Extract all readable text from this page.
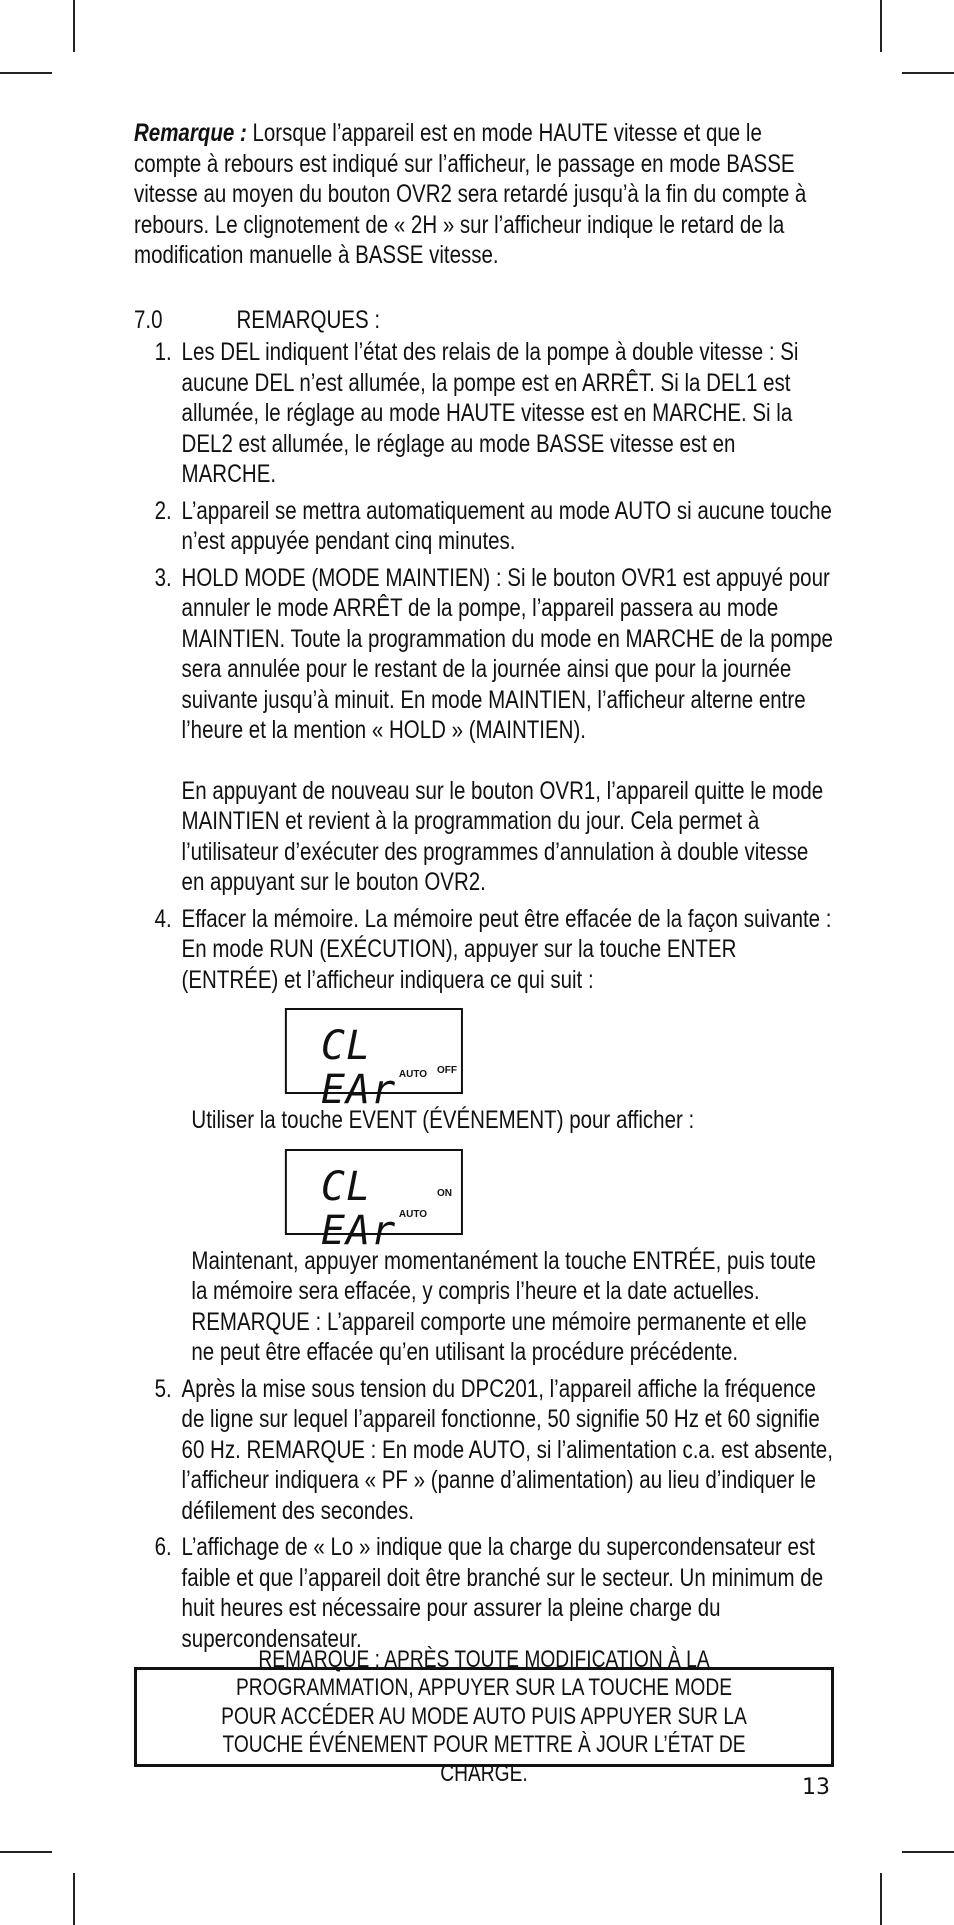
Remarque : Lorsque l’appareil est en mode HAUTE vitesse et que le compte à rebours est indiqué sur l’afficheur, le passage en mode BASSE vitesse au moyen du bouton OVR2 sera retardé jusqu’à la fin du compte à rebours. Le clignotement de « 2H » sur l’afficheur indique le retard de la modification manuelle à BASSE vitesse.

7.0	REMARQUES :
1. Les DEL indiquent l’état des relais de la pompe à double vitesse : Si aucune DEL n’est allumée, la pompe est en ARRÊT. Si la DEL1 est allumée, le réglage au mode HAUTE vitesse est en MARCHE. Si la DEL2 est allumée, le réglage au mode BASSE vitesse est en MARCHE.
2. L’appareil se mettra automatiquement au mode AUTO si aucune touche n’est appuyée pendant cinq minutes.
3. HOLD MODE (MODE MAINTIEN) : Si le bouton OVR1 est appuyé pour annuler le mode ARRÊT de la pompe, l’appareil passera au mode MAINTIEN. Toute la programmation du mode en MARCHE de la pompe sera annulée pour le restant de la journée ainsi que pour la journée suivante jusqu’à minuit. En mode MAINTIEN, l’afficheur alterne entre l’heure et la mention « HOLD » (MAINTIEN).
En appuyant de nouveau sur le bouton OVR1, l’appareil quitte le mode MAINTIEN et revient à la programmation du jour. Cela permet à l’utilisateur d’exécuter des programmes d’annulation à double vitesse en appuyant sur le bouton OVR2.
4. Effacer la mémoire. La mémoire peut être effacée de la façon suivante : En mode RUN (EXÉCUTION), appuyer sur la touche ENTER (ENTRÉE) et l’afficheur indiquera ce qui suit :
CL EAr	OFF
AUTO
Utiliser la touche EVENT (ÉVÉNEMENT) pour afficher :
CL EAr
ON
AUTO
Maintenant, appuyer momentanément la touche ENTRÉE, puis toute la mémoire sera effacée, y compris l’heure et la date actuelles. REMARQUE : L’appareil comporte une mémoire permanente et elle ne peut être effacée qu’en utilisant la procédure précédente.
5. Après la mise sous tension du DPC201, l’appareil affiche la fréquence de ligne sur lequel l’appareil fonctionne, 50 signifie 50 Hz et 60 signifie 60 Hz. REMARQUE : En mode AUTO, si l’alimentation c.a. est absente, l’afficheur indiquera « PF » (panne d’alimentation) au lieu d’indiquer le défilement des secondes.
6. L’affichage de « Lo » indique que la charge du supercondensateur est faible et que l’appareil doit être branché sur le secteur. Un minimum de huit heures est nécessaire pour assurer la pleine charge du supercondensateur.
REMARQUE : APRÈS TOUTE MODIFICATION À LA PROGRAMMATION, APPUYER SUR LA TOUCHE MODE POUR ACCÉDER AU MODE AUTO PUIS APPUYER SUR LA TOUCHE ÉVÉNEMENT POUR METTRE À JOUR L’ÉTAT DE CHARGE.
13
